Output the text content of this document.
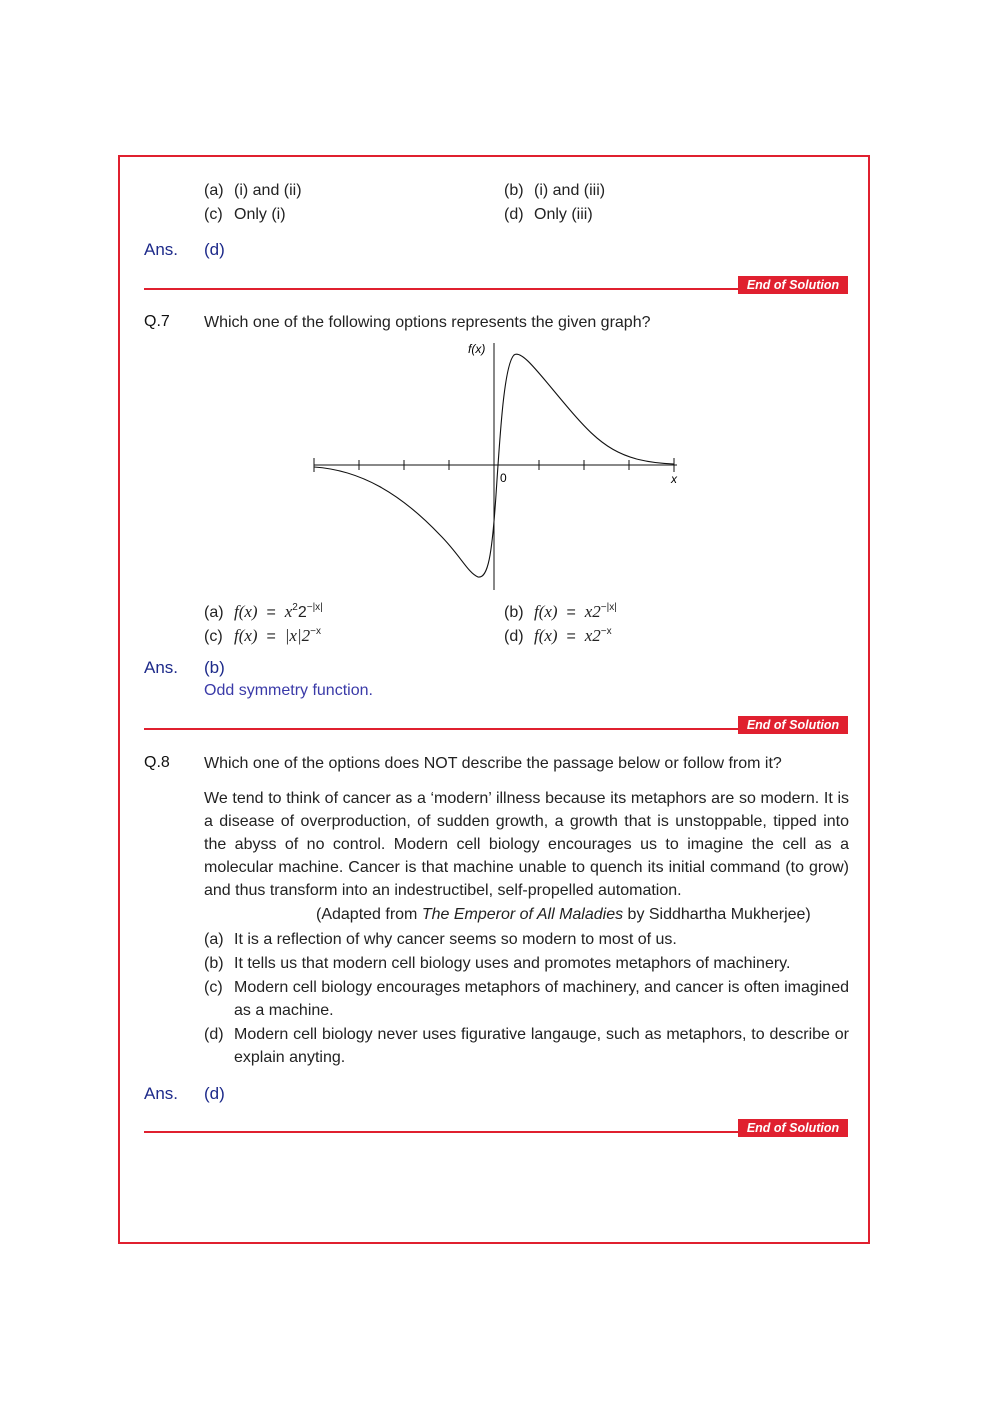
(a) (i) and (ii)	(b) (i) and (iii)
(c) Only (i)	(d) Only (iii)
Ans. (d)
End of Solution
Q.7 Which one of the following options represents the given graph?
f(x)
0	x
(a) $f(x) = x^22^{-|x|}$	(b) $f(x) = x2^{-|x|}$
(c) $f(x) = |x|2^{-x}$	(d) $f(x) = x2^{-x}$
Ans. (b)
Odd symmetry function.
End of Solution
Q.8 Which one of the options does NOT describe the passage below or follow from it?
We tend to think of cancer as a ‘modern’ illness because its metaphors are so modern. It is a disease of overproduction, of sudden growth, a growth that is unstoppable, tipped into the abyss of no control. Modern cell biology encourages us to imagine the cell as a molecular machine. Cancer is that machine unable to quench its initial command (to grow) and thus transform into an indestructibel, self-propelled automation.
(Adapted from The Emperor of All Maladies by Siddhartha Mukherjee)
(a) It is a reflection of why cancer seems so modern to most of us.
(b) It tells us that modern cell biology uses and promotes metaphors of machinery.
(c) Modern cell biology encourages metaphors of machinery, and cancer is often imagined as a machine.
(d) Modern cell biology never uses figurative langauge, such as metaphors, to describe or explain anyting.
Ans. (d)
End of Solution
